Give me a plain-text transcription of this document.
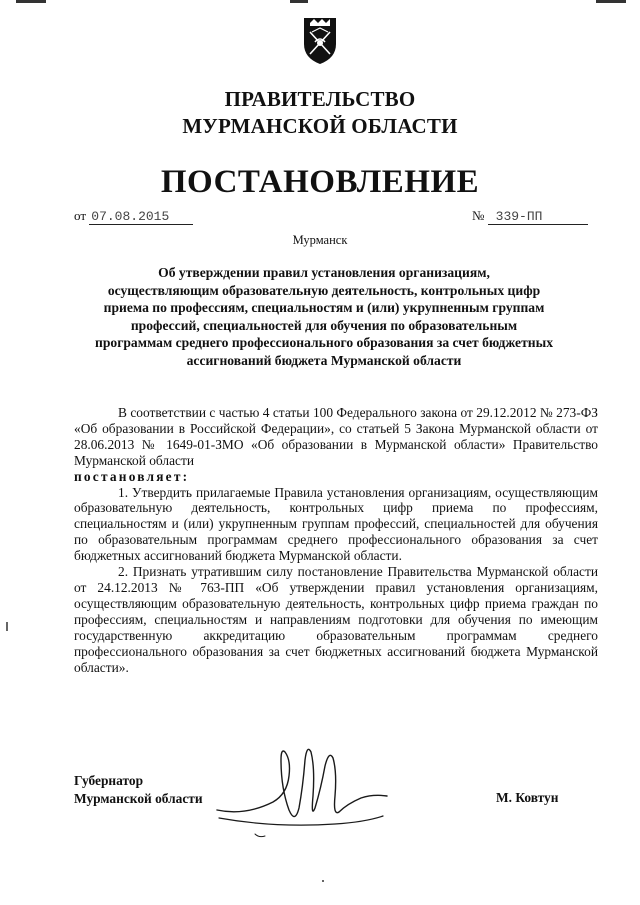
ПРАВИТЕЛЬСТВО
МУРМАНСКОЙ ОБЛАСТИ
ПОСТАНОВЛЕНИЕ
от 07.08.2015	№ 339-ПП
Мурманск
Об утверждении правил установления организациям,
осуществляющим образовательную деятельность, контрольных цифр
приема по профессиям, специальностям и (или) укрупненным группам
профессий, специальностей для обучения по образовательным
программам среднего профессионального образования за счет бюджетных
ассигнований бюджета Мурманской области

В соответствии с частью 4 статьи 100 Федерального закона от 29.12.2012 № 273-ФЗ «Об образовании в Российской Федерации», со статьей 5 Закона Мурманской области от 28.06.2013 № 1649-01-ЗМО «Об образовании в Мурманской области» Правительство Мурманской области

постановляет:

1. Утвердить прилагаемые Правила установления организациям, осуществляющим образовательную деятельность, контрольных цифр приема по профессиям, специальностям и (или) укрупненным группам профессий, специальностей для обучения по образовательным программам среднего профессионального образования за счет бюджетных ассигнований бюджета Мурманской области.

2. Признать утратившим силу постановление Правительства Мурманской области от 24.12.2013 № 763-ПП «Об утверждении правил установления организациям, осуществляющим образовательную деятельность, контрольных цифр приема граждан по профессиям, специальностям и направлениям подготовки для обучения по имеющим государственную аккредитацию образовательным программам среднего профессионального образования за счет бюджетных ассигнований бюджета Мурманской области».

Губернатор
Мурманской области	М. Ковтун
